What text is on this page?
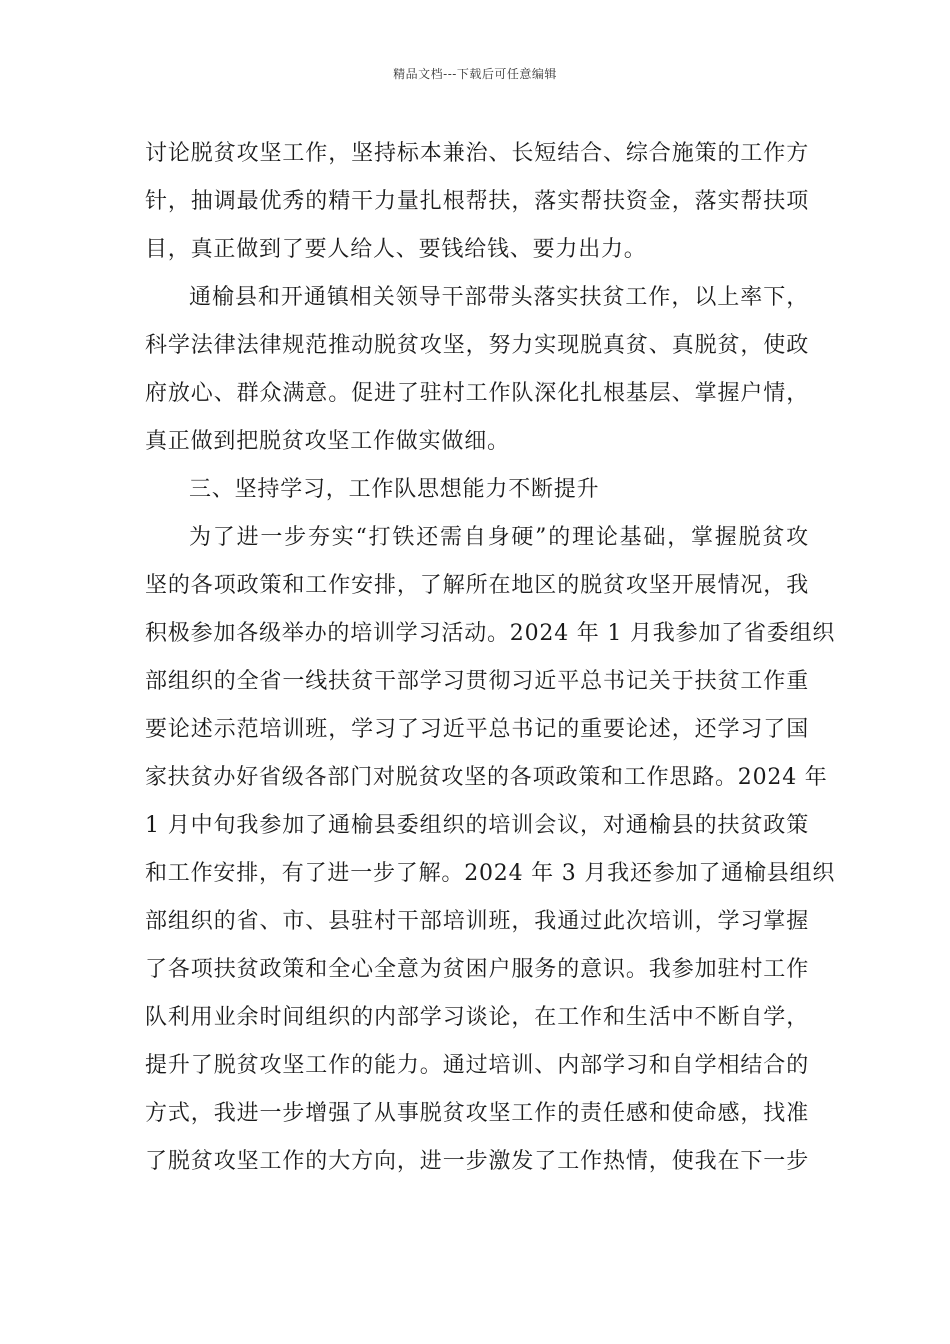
精品文档---下载后可任意编辑
讨论脱贫攻坚工作，坚持标本兼治、长短结合、综合施策的工作方
针，抽调最优秀的精干力量扎根帮扶，落实帮扶资金，落实帮扶项
目，真正做到了要人给人、要钱给钱、要力出力。
通榆县和开通镇相关领导干部带头落实扶贫工作，以上率下，
科学法律法律规范推动脱贫攻坚，努力实现脱真贫、真脱贫，使政
府放心、群众满意。促进了驻村工作队深化扎根基层、掌握户情，
真正做到把脱贫攻坚工作做实做细。
三、坚持学习，工作队思想能力不断提升
为了进一步夯实“打铁还需自身硬”的理论基础，掌握脱贫攻
坚的各项政策和工作安排，了解所在地区的脱贫攻坚开展情况，我
积极参加各级举办的培训学习活动。2024 年 1 月我参加了省委组织
部组织的全省一线扶贫干部学习贯彻习近平总书记关于扶贫工作重
要论述示范培训班，学习了习近平总书记的重要论述，还学习了国
家扶贫办好省级各部门对脱贫攻坚的各项政策和工作思路。2024 年
1 月中旬我参加了通榆县委组织的培训会议，对通榆县的扶贫政策
和工作安排，有了进一步了解。2024 年 3 月我还参加了通榆县组织
部组织的省、市、县驻村干部培训班，我通过此次培训，学习掌握
了各项扶贫政策和全心全意为贫困户服务的意识。我参加驻村工作
队利用业余时间组织的内部学习谈论，在工作和生活中不断自学，
提升了脱贫攻坚工作的能力。通过培训、内部学习和自学相结合的
方式，我进一步增强了从事脱贫攻坚工作的责任感和使命感，找准
了脱贫攻坚工作的大方向，进一步激发了工作热情，使我在下一步
